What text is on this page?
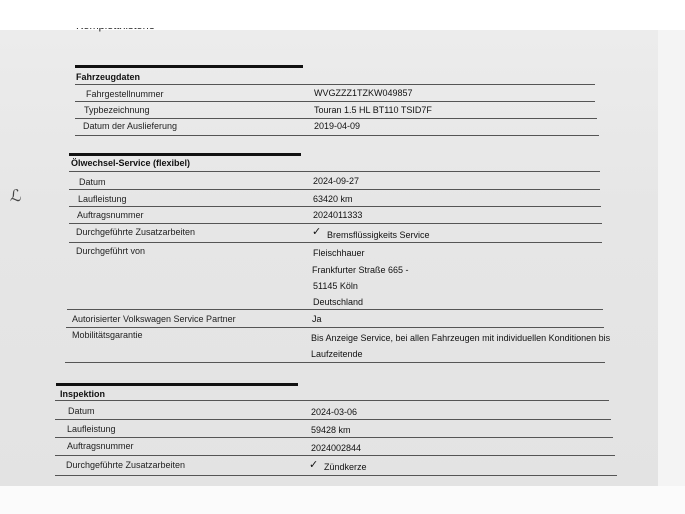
ℒ
Fahrzeugdaten
Fahrgestellnummer	WVGZZZ1TZKW049857
Typbezeichnung	Touran 1.5 HL BT110 TSID7F
Datum der Auslieferung	2019-04-09
Ölwechsel-Service (flexibel)
Datum	2024-09-27
Laufleistung	63420 km
Auftragsnummer	2024011333
Durchgeführte Zusatzarbeiten	✓ Bremsflüssigkeits Service
Durchgeführt von	Fleischhauer
Frankfurter Straße 665 -
51145 Köln
Deutschland
Autorisierter Volkswagen Service Partner	Ja
Mobilitätsgarantie	Bis Anzeige Service, bei allen Fahrzeugen mit individuellen Konditionen bis
Laufzeitende
Inspektion
Datum	2024-03-06
Laufleistung	59428 km
Auftragsnummer	2024002844
Durchgeführte Zusatzarbeiten	✓ Zündkerze
